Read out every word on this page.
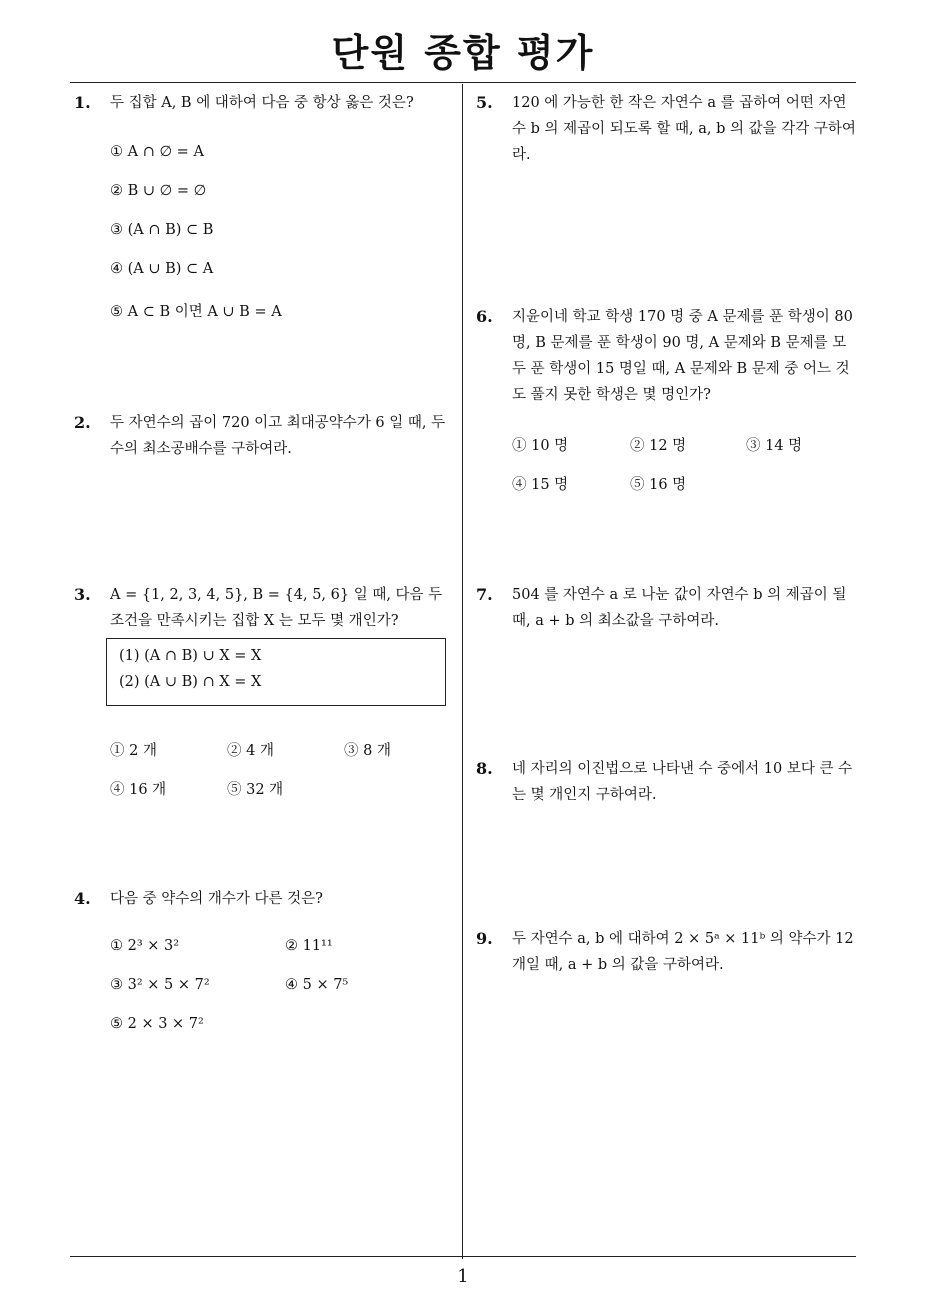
단원 종합 평가
1
1. 두 집합 A, B 에 대하여 다음 중 항상 옳은 것은?
① A ∩ ∅ = A
② B ∪ ∅ = ∅
③ (A ∩ B) ⊂ B
④ (A ∪ B) ⊂ A
⑤ A ⊂ B 이면 A ∪ B = A
2. 두 자연수의 곱이 720 이고 최대공약수가 6 일 때, 두 수의 최소공배수를 구하여라.
3. A = {1, 2, 3, 4, 5}, B = {4, 5, 6} 일 때, 다음 두 조건을 만족시키는 집합 X 는 모두 몇 개인가?
(1) (A ∩ B) ∪ X = X
(2) (A ∪ B) ∩ X = X
① 2 개	② 4 개	③ 8 개
④ 16 개	⑤ 32 개
4. 다음 중 약수의 개수가 다른 것은?
① 2³ × 3²	② 11¹¹
③ 3² × 5 × 7²	④ 5 × 7⁵
⑤ 2 × 3 × 7²
5. 120 에 가능한 한 작은 자연수 a 를 곱하여 어떤 자연수 b 의 제곱이 되도록 할 때, a, b 의 값을 각각 구하여라.
6. 지윤이네 학교 학생 170 명 중 A 문제를 푼 학생이 80 명, B 문제를 푼 학생이 90 명, A 문제와 B 문제를 모두 푼 학생이 15 명일 때, A 문제와 B 문제 중 어느 것도 풀지 못한 학생은 몇 명인가?
① 10 명	② 12 명	③ 14 명
④ 15 명	⑤ 16 명
7. 504 를 자연수 a 로 나눈 값이 자연수 b 의 제곱이 될 때, a + b 의 최소값을 구하여라.
8. 네 자리의 이진법으로 나타낸 수 중에서 10 보다 큰 수는 몇 개인지 구하여라.
9. 두 자연수 a, b 에 대하여 2 × 5ᵃ × 11ᵇ 의 약수가 12 개일 때, a + b 의 값을 구하여라.
